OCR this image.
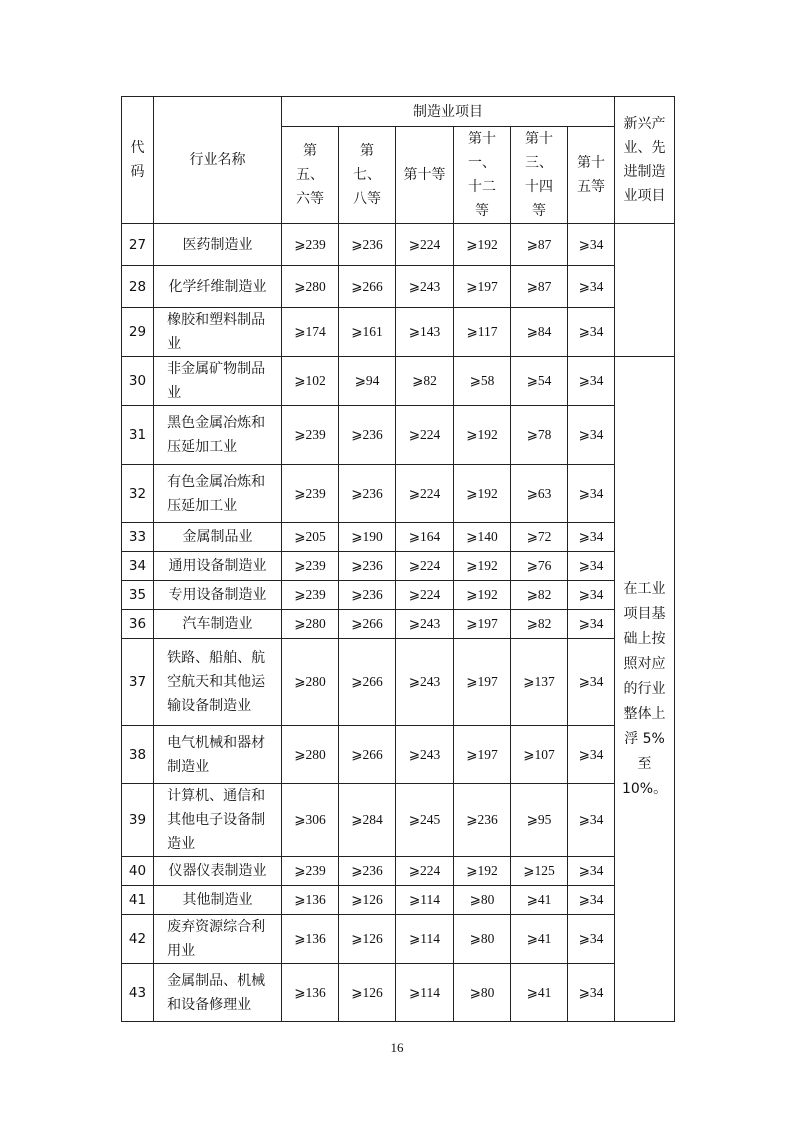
代码	行业名称	制造业项目						新兴产业、先进制造业项目

		第五、六等	第七、八等	第十等	第十一、十二等	第十三、十四等	第十五等	

27	医药制造业	⩾239	⩾236	⩾224	⩾192	⩾87	⩾34	
28	化学纤维制造业	⩾280	⩾266	⩾243	⩾197	⩾87	⩾34	
29	橡胶和塑料制品业	⩾174	⩾161	⩾143	⩾117	⩾84	⩾34	
30	非金属矿物制品业	⩾102	⩾94	⩾82	⩾58	⩾54	⩾34	在工业项目基础上按照对应的行业整体上浮 5%至 10%。
31	黑色金属冶炼和压延加工业	⩾239	⩾236	⩾224	⩾192	⩾78	⩾34	
32	有色金属冶炼和压延加工业	⩾239	⩾236	⩾224	⩾192	⩾63	⩾34	
33	金属制品业	⩾205	⩾190	⩾164	⩾140	⩾72	⩾34	
34	通用设备制造业	⩾239	⩾236	⩾224	⩾192	⩾76	⩾34	
35	专用设备制造业	⩾239	⩾236	⩾224	⩾192	⩾82	⩾34	
36	汽车制造业	⩾280	⩾266	⩾243	⩾197	⩾82	⩾34	
37	铁路、船舶、航空航天和其他运输设备制造业	⩾280	⩾266	⩾243	⩾197	⩾137	⩾34	
38	电气机械和器材制造业	⩾280	⩾266	⩾243	⩾197	⩾107	⩾34	
39	计算机、通信和其他电子设备制造业	⩾306	⩾284	⩾245	⩾236	⩾95	⩾34	
40	仪器仪表制造业	⩾239	⩾236	⩾224	⩾192	⩾125	⩾34	
41	其他制造业	⩾136	⩾126	⩾114	⩾80	⩾41	⩾34	
42	废弃资源综合利用业	⩾136	⩾126	⩾114	⩾80	⩾41	⩾34	
43	金属制品、机械和设备修理业	⩾136	⩾126	⩾114	⩾80	⩾41	⩾34	
16
